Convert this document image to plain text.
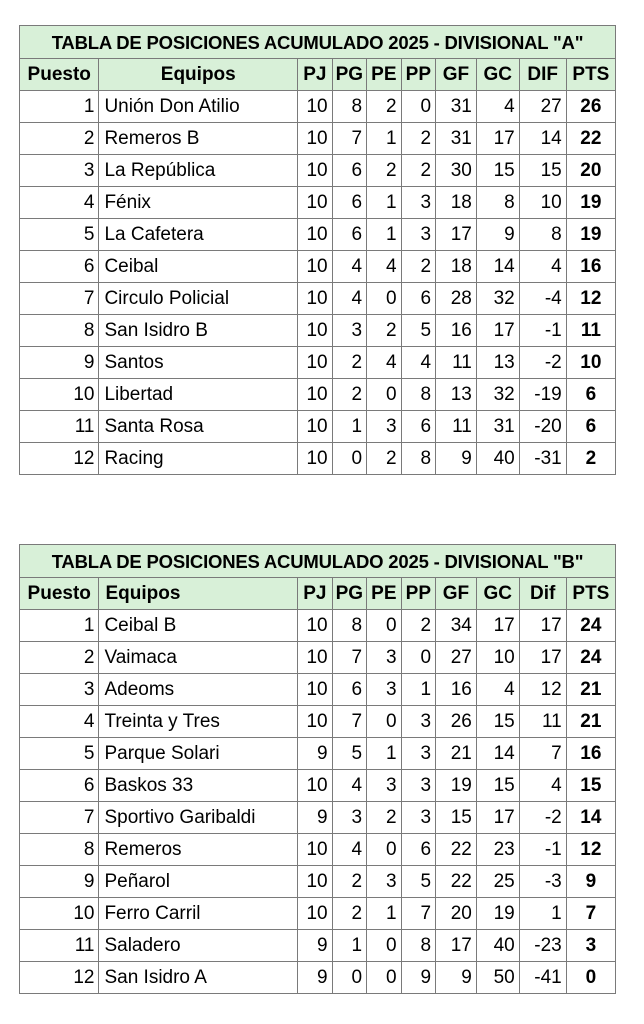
TABLA DE POSICIONES ACUMULADO 2025 - DIVISIONAL "A"									
Puesto	Equipos	PJ	PG	PE	PP	GF	GC	DIF	PTS
1	Unión Don Atilio	10	8	2	0	31	4	27	26
2	Remeros B	10	7	1	2	31	17	14	22
3	La República	10	6	2	2	30	15	15	20
4	Fénix	10	6	1	3	18	8	10	19
5	La Cafetera	10	6	1	3	17	9	8	19
6	Ceibal	10	4	4	2	18	14	4	16
7	Circulo Policial	10	4	0	6	28	32	-4	12
8	San Isidro B	10	3	2	5	16	17	-1	11
9	Santos	10	2	4	4	11	13	-2	10
10	Libertad	10	2	0	8	13	32	-19	6
11	Santa Rosa	10	1	3	6	11	31	-20	6
12	Racing	10	0	2	8	9	40	-31	2
TABLA DE POSICIONES ACUMULADO 2025 - DIVISIONAL "B"									
Puesto	Equipos	PJ	PG	PE	PP	GF	GC	Dif	PTS
1	Ceibal B	10	8	0	2	34	17	17	24
2	Vaimaca	10	7	3	0	27	10	17	24
3	Adeoms	10	6	3	1	16	4	12	21
4	Treinta y Tres	10	7	0	3	26	15	11	21
5	Parque Solari	9	5	1	3	21	14	7	16
6	Baskos 33	10	4	3	3	19	15	4	15
7	Sportivo Garibaldi	9	3	2	3	15	17	-2	14
8	Remeros	10	4	0	6	22	23	-1	12
9	Peñarol	10	2	3	5	22	25	-3	9
10	Ferro Carril	10	2	1	7	20	19	1	7
11	Saladero	9	1	0	8	17	40	-23	3
12	San Isidro A	9	0	0	9	9	50	-41	0
